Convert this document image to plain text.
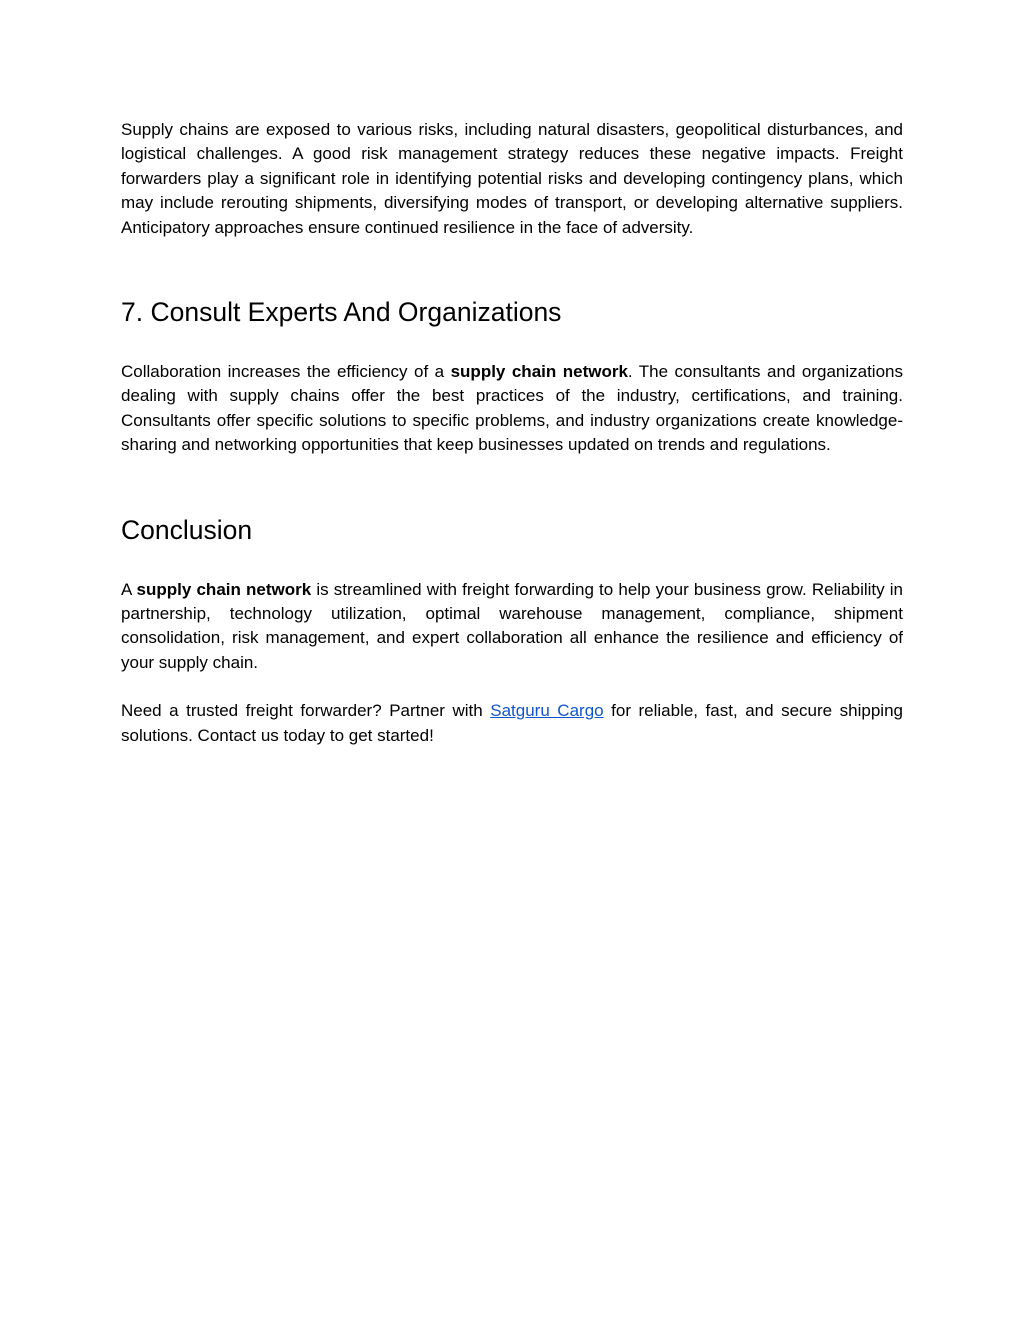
Supply chains are exposed to various risks, including natural disasters, geopolitical disturbances, and logistical challenges. A good risk management strategy reduces these negative impacts. Freight forwarders play a significant role in identifying potential risks and developing contingency plans, which may include rerouting shipments, diversifying modes of transport, or developing alternative suppliers. Anticipatory approaches ensure continued resilience in the face of adversity.

7. Consult Experts And Organizations

Collaboration increases the efficiency of a supply chain network. The consultants and organizations dealing with supply chains offer the best practices of the industry, certifications, and training. Consultants offer specific solutions to specific problems, and industry organizations create knowledge-sharing and networking opportunities that keep businesses updated on trends and regulations.

Conclusion

A supply chain network is streamlined with freight forwarding to help your business grow. Reliability in partnership, technology utilization, optimal warehouse management, compliance, shipment consolidation, risk management, and expert collaboration all enhance the resilience and efficiency of your supply chain.

Need a trusted freight forwarder? Partner with Satguru Cargo for reliable, fast, and secure shipping solutions. Contact us today to get started!
